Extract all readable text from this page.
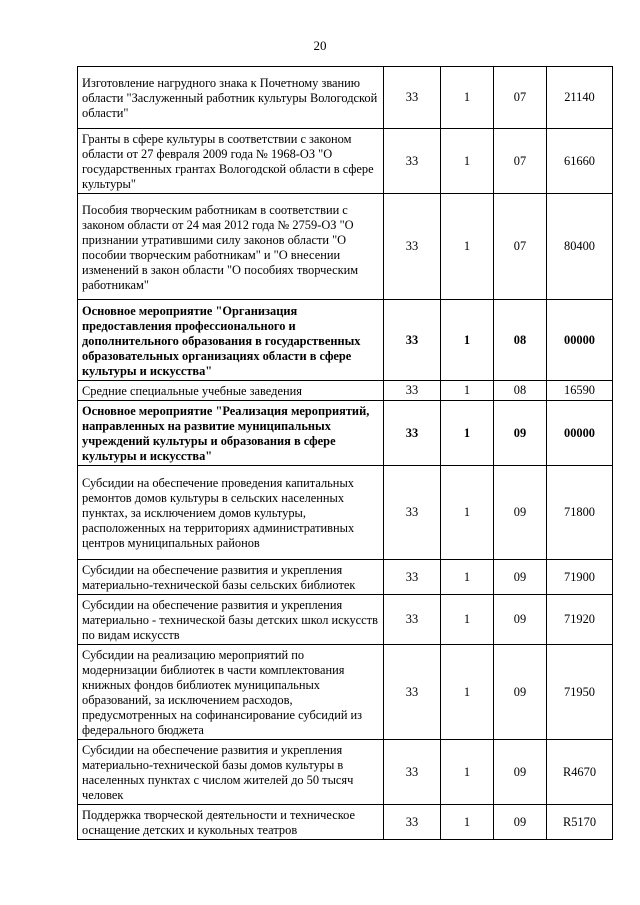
20
Изготовление нагрудного знака к Почетному званию области "Заслуженный работник культуры Вологодской области"	33	1	07	21140
Гранты в сфере культуры в соответствии с законом области от 27 февраля 2009 года № 1968-ОЗ "О государственных грантах Вологодской области в сфере культуры"	33	1	07	61660
Пособия творческим работникам в соответствии с законом области от 24 мая 2012 года № 2759-ОЗ "О признании утратившими силу законов области "О пособии творческим работникам" и "О внесении изменений в закон области "О пособиях творческим работникам"	33	1	07	80400
Основное мероприятие "Организация предоставления профессионального и дополнительного образования в государственных образовательных организациях области в сфере культуры и искусства"	33	1	08	00000
Средние специальные учебные заведения	33	1	08	16590
Основное мероприятие "Реализация мероприятий, направленных на развитие муниципальных учреждений культуры и образования в сфере культуры и искусства"	33	1	09	00000
Субсидии на обеспечение проведения капитальных ремонтов домов культуры в сельских населенных пунктах, за исключением домов культуры, расположенных на территориях административных центров муниципальных районов	33	1	09	71800
Субсидии на обеспечение развития и укрепления материально-технической базы сельских библиотек	33	1	09	71900
Субсидии на обеспечение развития и укрепления материально - технической базы детских школ искусств по видам искусств	33	1	09	71920
Субсидии на реализацию мероприятий по модернизации библиотек в части комплектования книжных фондов библиотек муниципальных образований, за исключением расходов, предусмотренных на софинансирование субсидий из федерального бюджета	33	1	09	71950
Субсидии на обеспечение развития и укрепления материально-технической базы домов культуры в населенных пунктах с числом жителей до 50 тысяч человек	33	1	09	R4670
Поддержка творческой деятельности и техническое оснащение детских и кукольных театров	33	1	09	R5170
